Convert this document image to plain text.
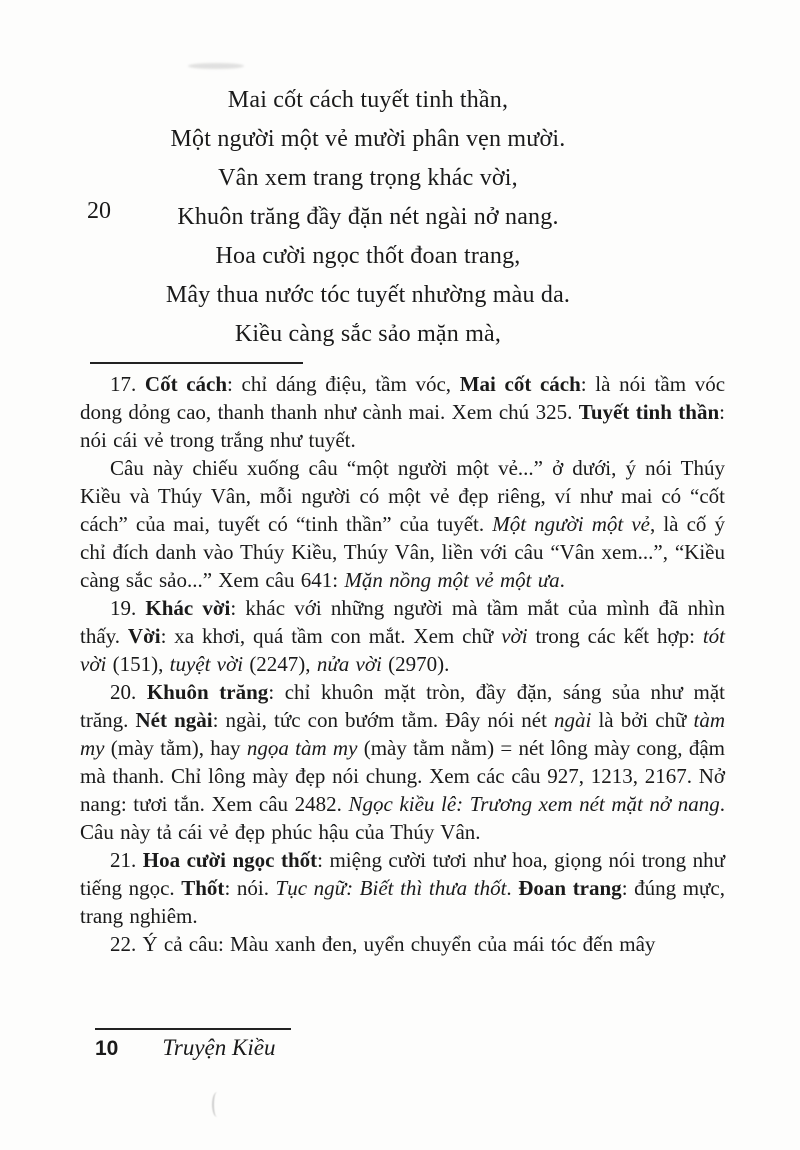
20
Mai cốt cách tuyết tinh thần,
Một người một vẻ mười phân vẹn mười.
Vân xem trang trọng khác vời,
Khuôn trăng đầy đặn nét ngài nở nang.
Hoa cười ngọc thốt đoan trang,
Mây thua nước tóc tuyết nhường màu da.
Kiều càng sắc sảo mặn mà,

17. Cốt cách: chỉ dáng điệu, tầm vóc, Mai cốt cách: là nói tầm vóc dong dỏng cao, thanh thanh như cành mai. Xem chú 325. Tuyết tinh thần: nói cái vẻ trong trắng như tuyết.

Câu này chiếu xuống câu “một người một vẻ...” ở dưới, ý nói Thúy Kiều và Thúy Vân, mỗi người có một vẻ đẹp riêng, ví như mai có “cốt cách” của mai, tuyết có “tinh thần” của tuyết. Một người một vẻ, là cố ý chỉ đích danh vào Thúy Kiều, Thúy Vân, liền với câu “Vân xem...”, “Kiều càng sắc sảo...” Xem câu 641: Mặn nồng một vẻ một ưa.

19. Khác vời: khác với những người mà tầm mắt của mình đã nhìn thấy. Vời: xa khơi, quá tầm con mắt. Xem chữ vời trong các kết hợp: tót vời (151), tuyệt vời (2247), nửa vời (2970).

20. Khuôn trăng: chỉ khuôn mặt tròn, đầy đặn, sáng sủa như mặt trăng. Nét ngài: ngài, tức con bướm tằm. Đây nói nét ngài là bởi chữ tàm my (mày tằm), hay ngọa tàm my (mày tằm nằm) = nét lông mày cong, đậm mà thanh. Chỉ lông mày đẹp nói chung. Xem các câu 927, 1213, 2167. Nở nang: tươi tắn. Xem câu 2482. Ngọc kiều lê: Trương xem nét mặt nở nang. Câu này tả cái vẻ đẹp phúc hậu của Thúy Vân.

21. Hoa cười ngọc thốt: miệng cười tươi như hoa, giọng nói trong như tiếng ngọc. Thốt: nói. Tục ngữ: Biết thì thưa thốt. Đoan trang: đúng mực, trang nghiêm.

22. Ý cả câu: Màu xanh đen, uyển chuyển của mái tóc đến mây

10 Truyện Kiều
